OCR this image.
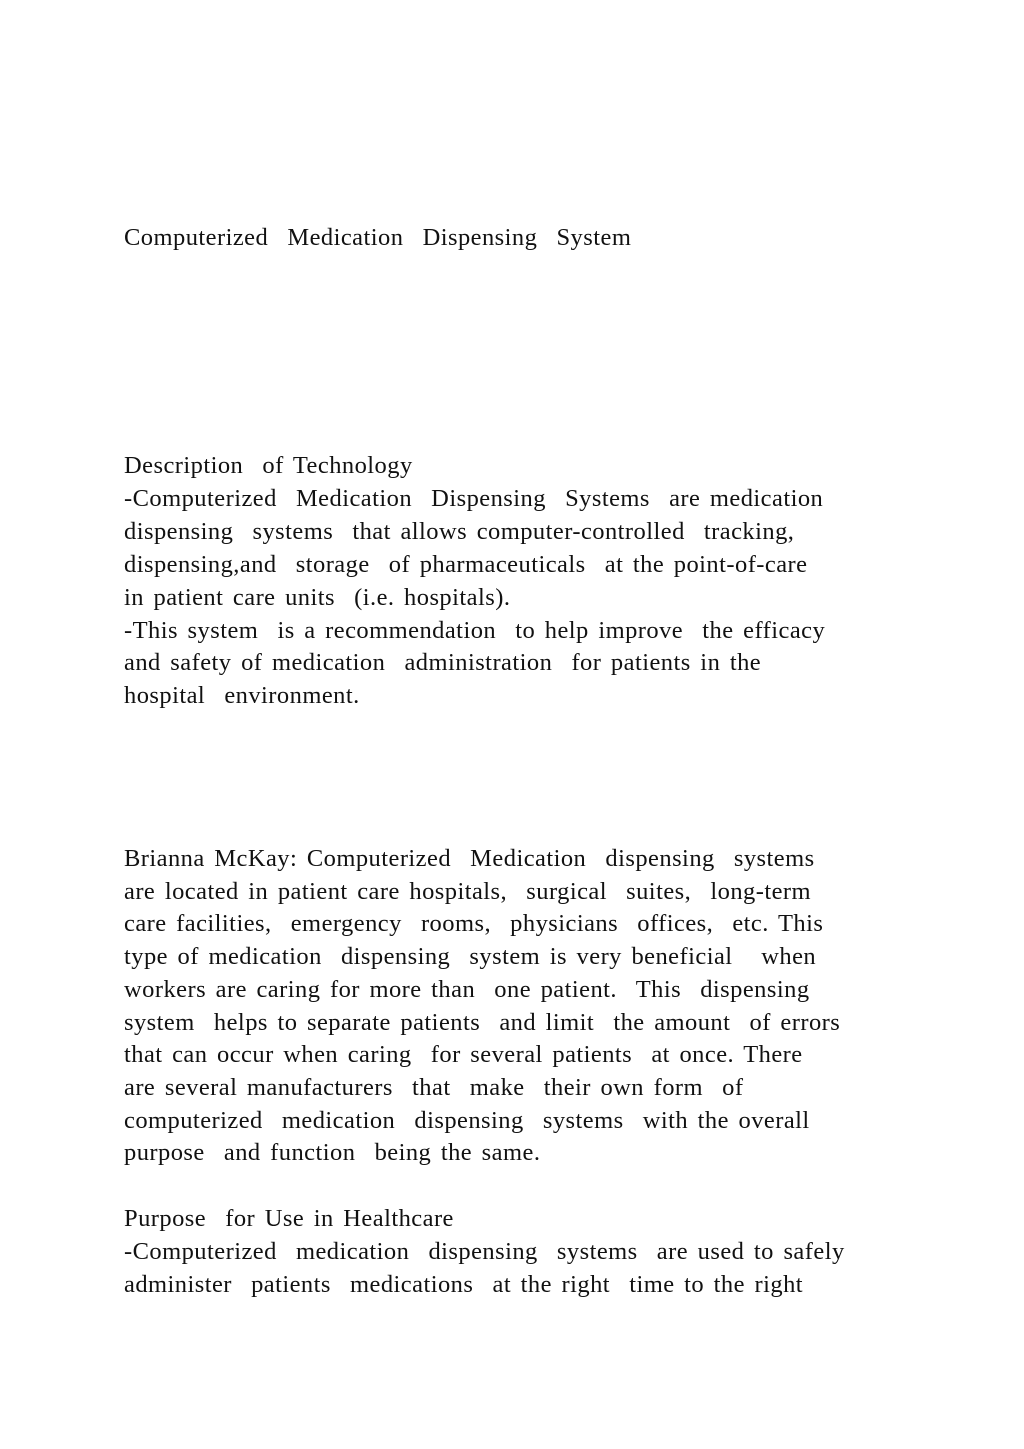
Computerized  Medication  Dispensing  System
Description  of Technology
-Computerized  Medication  Dispensing  Systems  are medication
dispensing  systems  that allows computer-controlled  tracking,
dispensing,and  storage  of pharmaceuticals  at the point-of-care
in patient care units  (i.e. hospitals).
-This system  is a recommendation  to help improve  the efficacy
and safety of medication  administration  for patients in the
hospital  environment.
Brianna McKay: Computerized  Medication  dispensing  systems
are located in patient care hospitals,  surgical  suites,  long-term
care facilities,  emergency  rooms,  physicians  offices,  etc. This
type of medication  dispensing  system is very beneficial   when
workers are caring for more than  one patient.  This  dispensing
system  helps to separate patients  and limit  the amount  of errors
that can occur when caring  for several patients  at once. There
are several manufacturers  that  make  their own form  of
computerized  medication  dispensing  systems  with the overall
purpose  and function  being the same.
Purpose  for Use in Healthcare
-Computerized  medication  dispensing  systems  are used to safely
administer  patients  medications  at the right  time to the right
